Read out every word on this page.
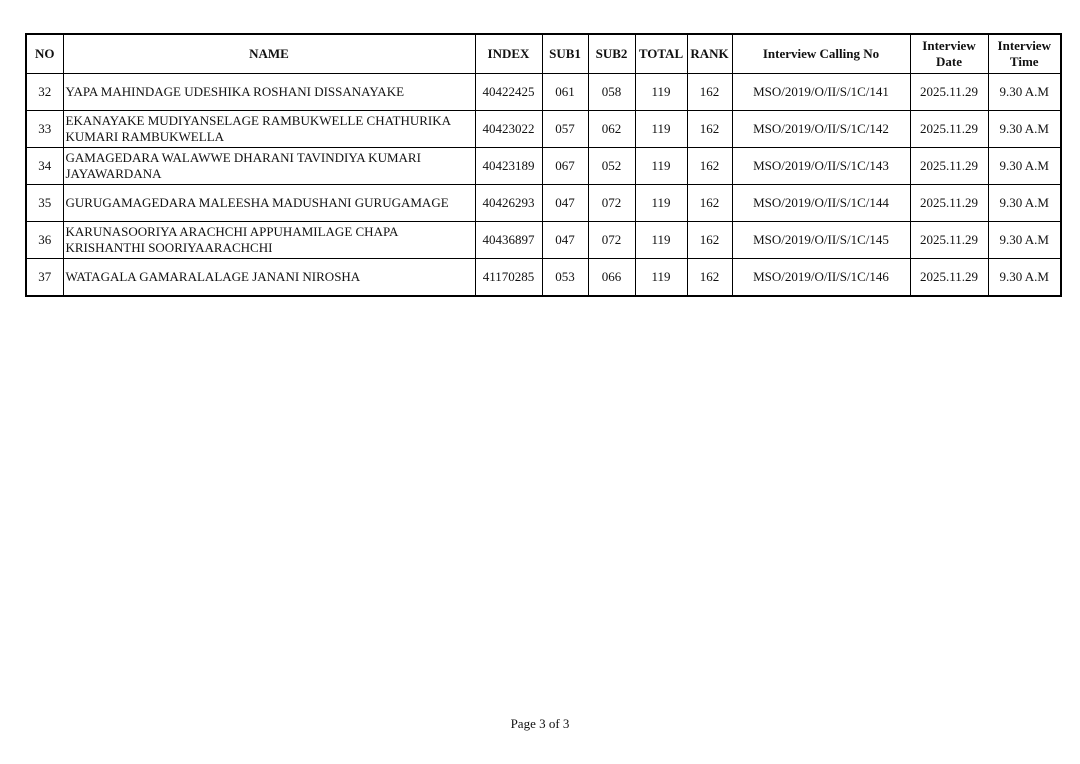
NO	NAME	INDEX	SUB1	SUB2	TOTAL	RANK	Interview Calling No	Interview Date	Interview Time
32	YAPA MAHINDAGE UDESHIKA ROSHANI DISSANAYAKE	40422425	061	058	119	162	MSO/2019/O/II/S/1C/141	2025.11.29	9.30 A.M
33	EKANAYAKE MUDIYANSELAGE RAMBUKWELLE CHATHURIKA KUMARI RAMBUKWELLA	40423022	057	062	119	162	MSO/2019/O/II/S/1C/142	2025.11.29	9.30 A.M
34	GAMAGEDARA WALAWWE DHARANI TAVINDIYA KUMARI JAYAWARDANA	40423189	067	052	119	162	MSO/2019/O/II/S/1C/143	2025.11.29	9.30 A.M
35	GURUGAMAGEDARA MALEESHA MADUSHANI GURUGAMAGE	40426293	047	072	119	162	MSO/2019/O/II/S/1C/144	2025.11.29	9.30 A.M
36	KARUNASOORIYA ARACHCHI APPUHAMILAGE CHAPA KRISHANTHI SOORIYAARACHCHI	40436897	047	072	119	162	MSO/2019/O/II/S/1C/145	2025.11.29	9.30 A.M
37	WATAGALA GAMARALALAGE JANANI NIROSHA	41170285	053	066	119	162	MSO/2019/O/II/S/1C/146	2025.11.29	9.30 A.M
Page 3 of 3
